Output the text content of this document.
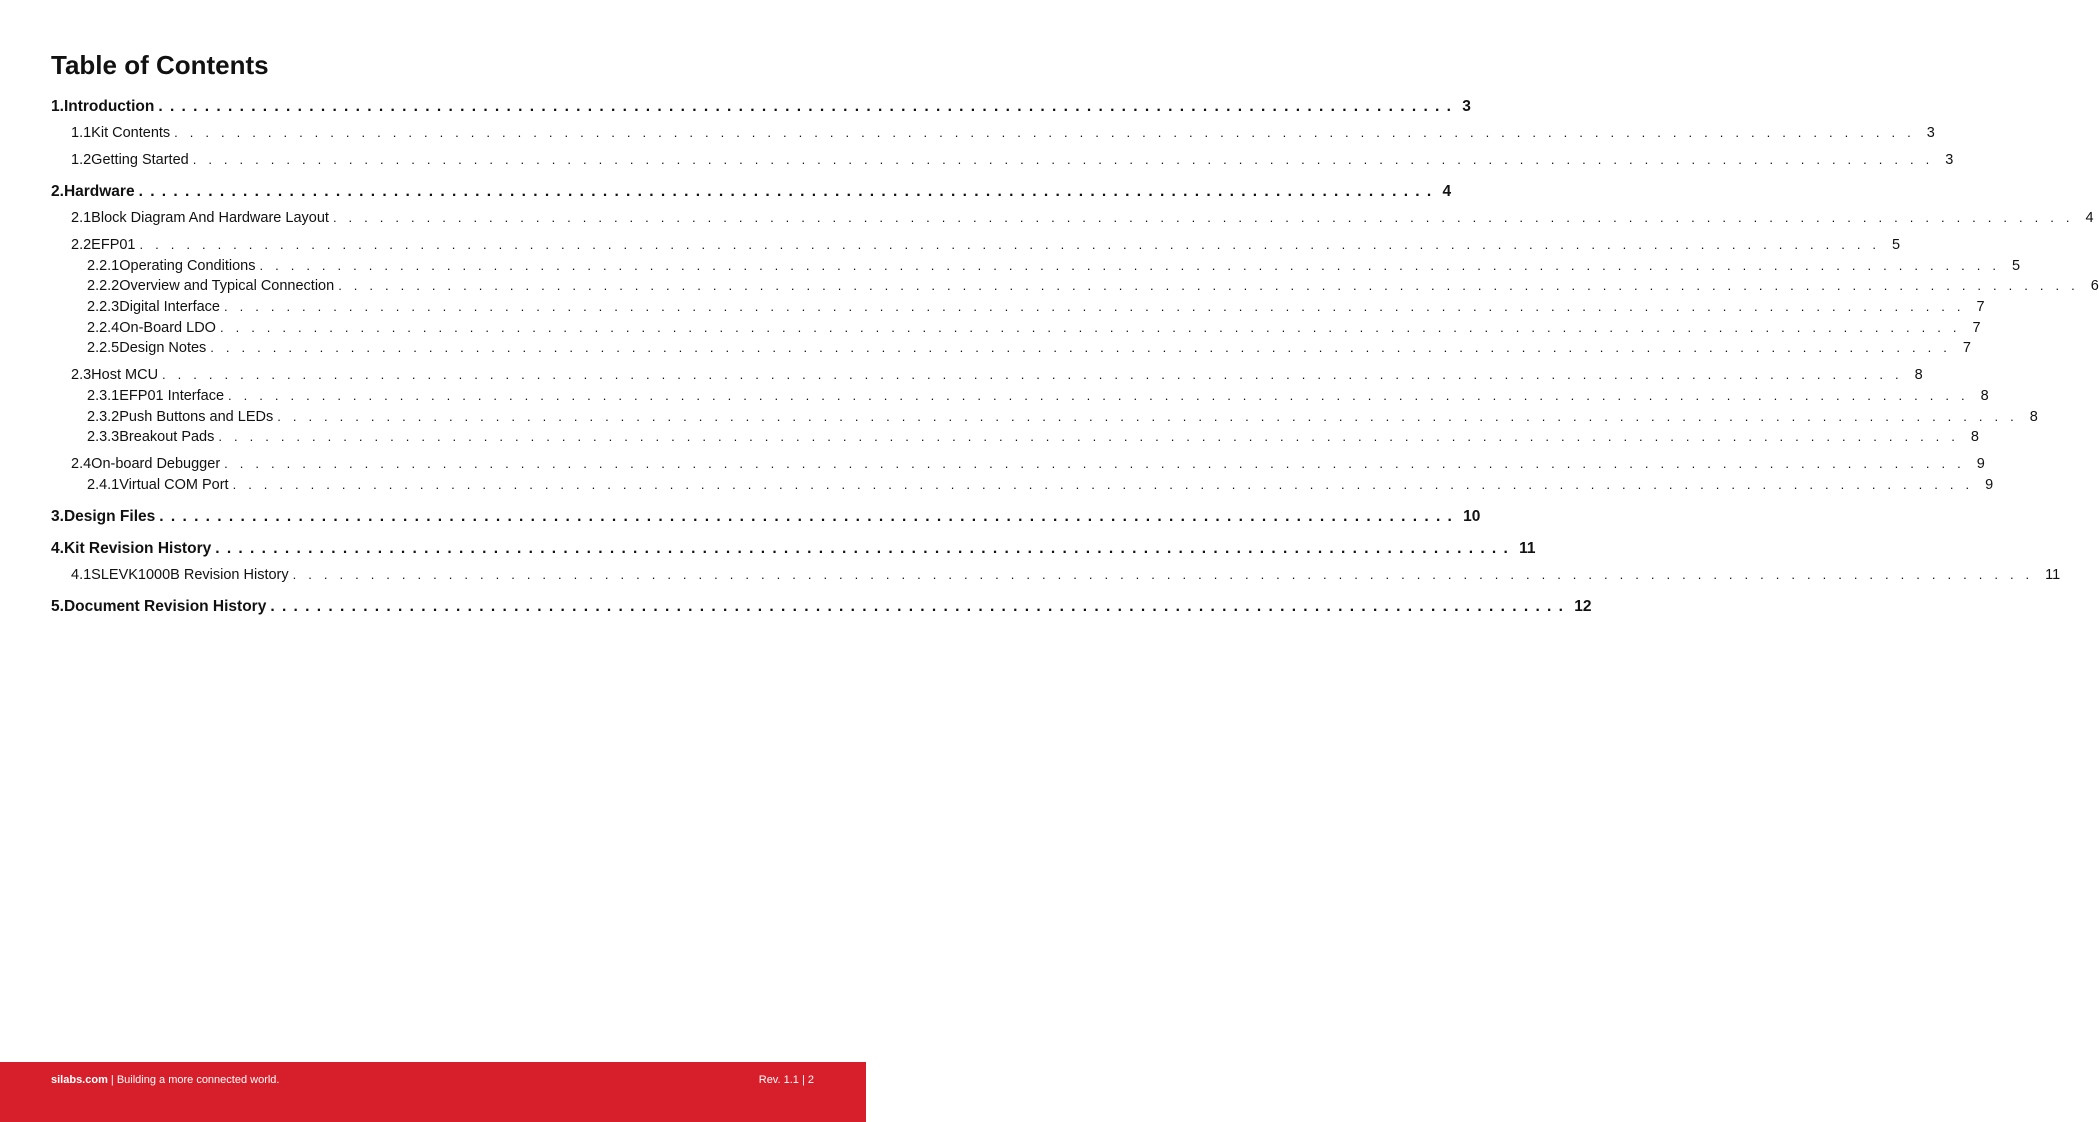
Table of Contents
1. Introduction ................................................................................................................ 3
1.1 Kit Contents ................................................................................................................ 3
1.2 Getting Started ................................................................................................................ 3
2. Hardware ................................................................................................................ 4
2.1 Block Diagram And Hardware Layout ................................................................................................................ 4
2.2 EFP01 ................................................................................................................ 5
2.2.1 Operating Conditions ................................................................................................................ 5
2.2.2 Overview and Typical Connection ................................................................................................................ 6
2.2.3 Digital Interface ................................................................................................................ 7
2.2.4 On-Board LDO ................................................................................................................ 7
2.2.5 Design Notes ................................................................................................................ 7
2.3 Host MCU ................................................................................................................ 8
2.3.1 EFP01 Interface ................................................................................................................ 8
2.3.2 Push Buttons and LEDs ................................................................................................................ 8
2.3.3 Breakout Pads ................................................................................................................ 8
2.4 On-board Debugger ................................................................................................................ 9
2.4.1 Virtual COM Port ................................................................................................................ 9
3. Design Files ................................................................................................................ 10
4. Kit Revision History ................................................................................................................ 11
4.1 SLEVK1000B Revision History ................................................................................................................ 11
5. Document Revision History ................................................................................................................ 12
silabs.com | Building a more connected world.	Rev. 1.1 | 2
